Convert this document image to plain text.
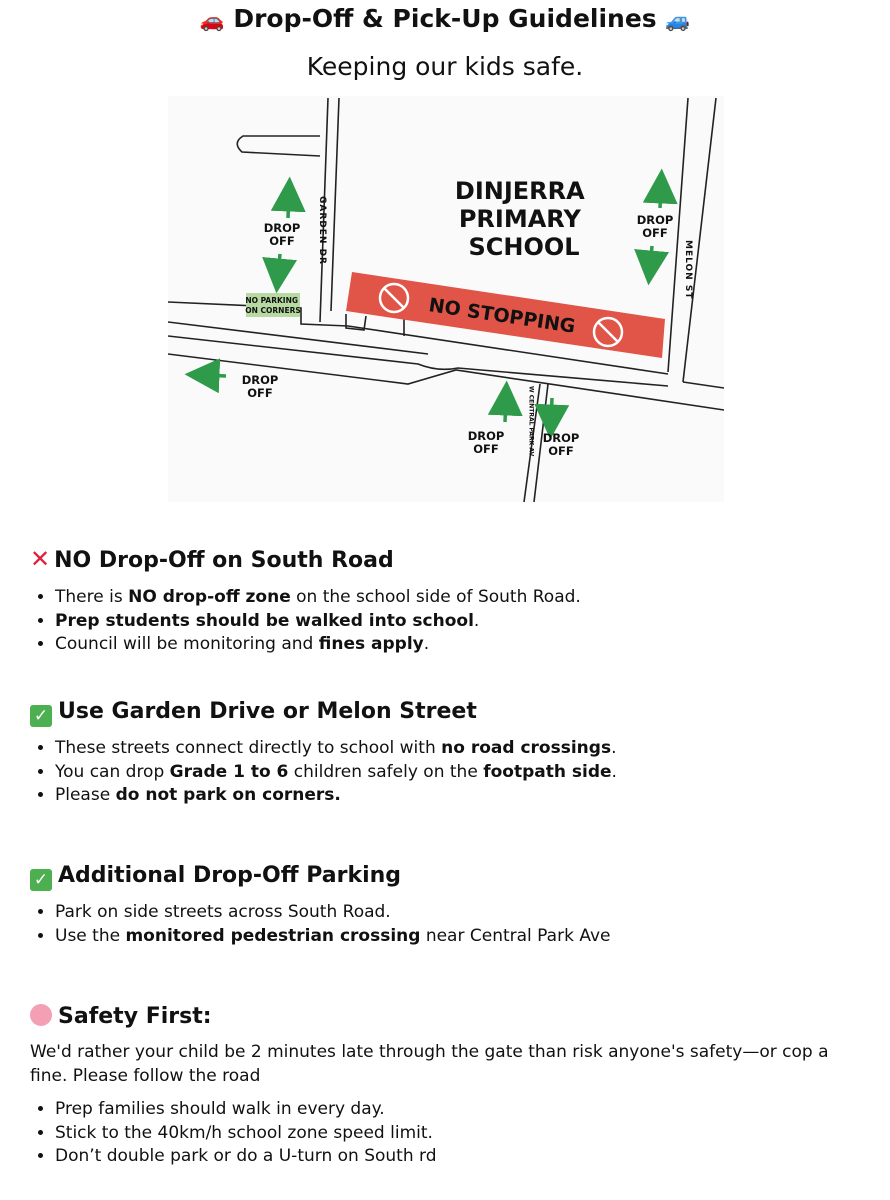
🚗 Drop-Off & Pick-Up Guidelines 🚙
Keeping our kids safe.
NO STOPPING
DINJERRA PRIMARY SCHOOL
GARDEN DR
MELON ST
W CENTRAL PARK AV
NO PARKING ON CORNERS
DROP OFF
DROP OFF
DROP OFF
DROP OFF
DROP OFF
✕ NO Drop-Off on South Road
• There is NO drop-off zone on the school side of South Road.
• Prep students should be walked into school.
• Council will be monitoring and fines apply.
✓ Use Garden Drive or Melon Street
• These streets connect directly to school with no road crossings.
• You can drop Grade 1 to 6 children safely on the footpath side.
• Please do not park on corners.
✓ Additional Drop-Off Parking
• Park on side streets across South Road.
• Use the monitored pedestrian crossing near Central Park Ave
Safety First:

We'd rather your child be 2 minutes late through the gate than risk anyone's safety—or cop a fine. Please follow the road

• Prep families should walk in every day.
• Stick to the 40km/h school zone speed limit.
• Don’t double park or do a U-turn on South rd
